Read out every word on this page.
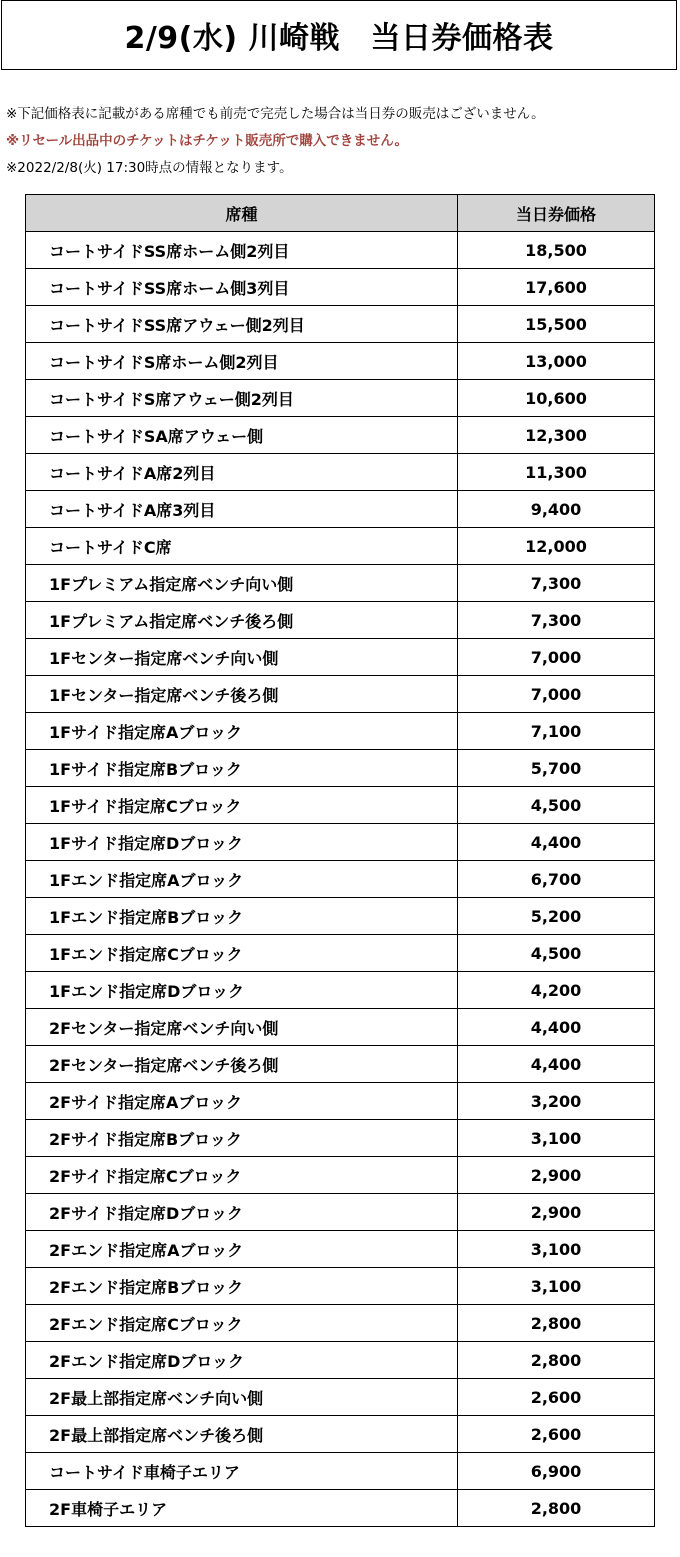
2/9(水) 川崎戦　当日券価格表
※下記価格表に記載がある席種でも前売で完売した場合は当日券の販売はございません。
※リセール出品中のチケットはチケット販売所で購入できません。
※2022/2/8(火) 17:30時点の情報となります。
席種	当日券価格
コートサイドSS席ホーム側2列目	18,500
コートサイドSS席ホーム側3列目	17,600
コートサイドSS席アウェー側2列目	15,500
コートサイドS席ホーム側2列目	13,000
コートサイドS席アウェー側2列目	10,600
コートサイドSA席アウェー側	12,300
コートサイドA席2列目	11,300
コートサイドA席3列目	9,400
コートサイドC席	12,000
1Fプレミアム指定席ベンチ向い側	7,300
1Fプレミアム指定席ベンチ後ろ側	7,300
1Fセンター指定席ベンチ向い側	7,000
1Fセンター指定席ベンチ後ろ側	7,000
1Fサイド指定席Aブロック	7,100
1Fサイド指定席Bブロック	5,700
1Fサイド指定席Cブロック	4,500
1Fサイド指定席Dブロック	4,400
1Fエンド指定席Aブロック	6,700
1Fエンド指定席Bブロック	5,200
1Fエンド指定席Cブロック	4,500
1Fエンド指定席Dブロック	4,200
2Fセンター指定席ベンチ向い側	4,400
2Fセンター指定席ベンチ後ろ側	4,400
2Fサイド指定席Aブロック	3,200
2Fサイド指定席Bブロック	3,100
2Fサイド指定席Cブロック	2,900
2Fサイド指定席Dブロック	2,900
2Fエンド指定席Aブロック	3,100
2Fエンド指定席Bブロック	3,100
2Fエンド指定席Cブロック	2,800
2Fエンド指定席Dブロック	2,800
2F最上部指定席ベンチ向い側	2,600
2F最上部指定席ベンチ後ろ側	2,600
コートサイド車椅子エリア	6,900
2F車椅子エリア	2,800
